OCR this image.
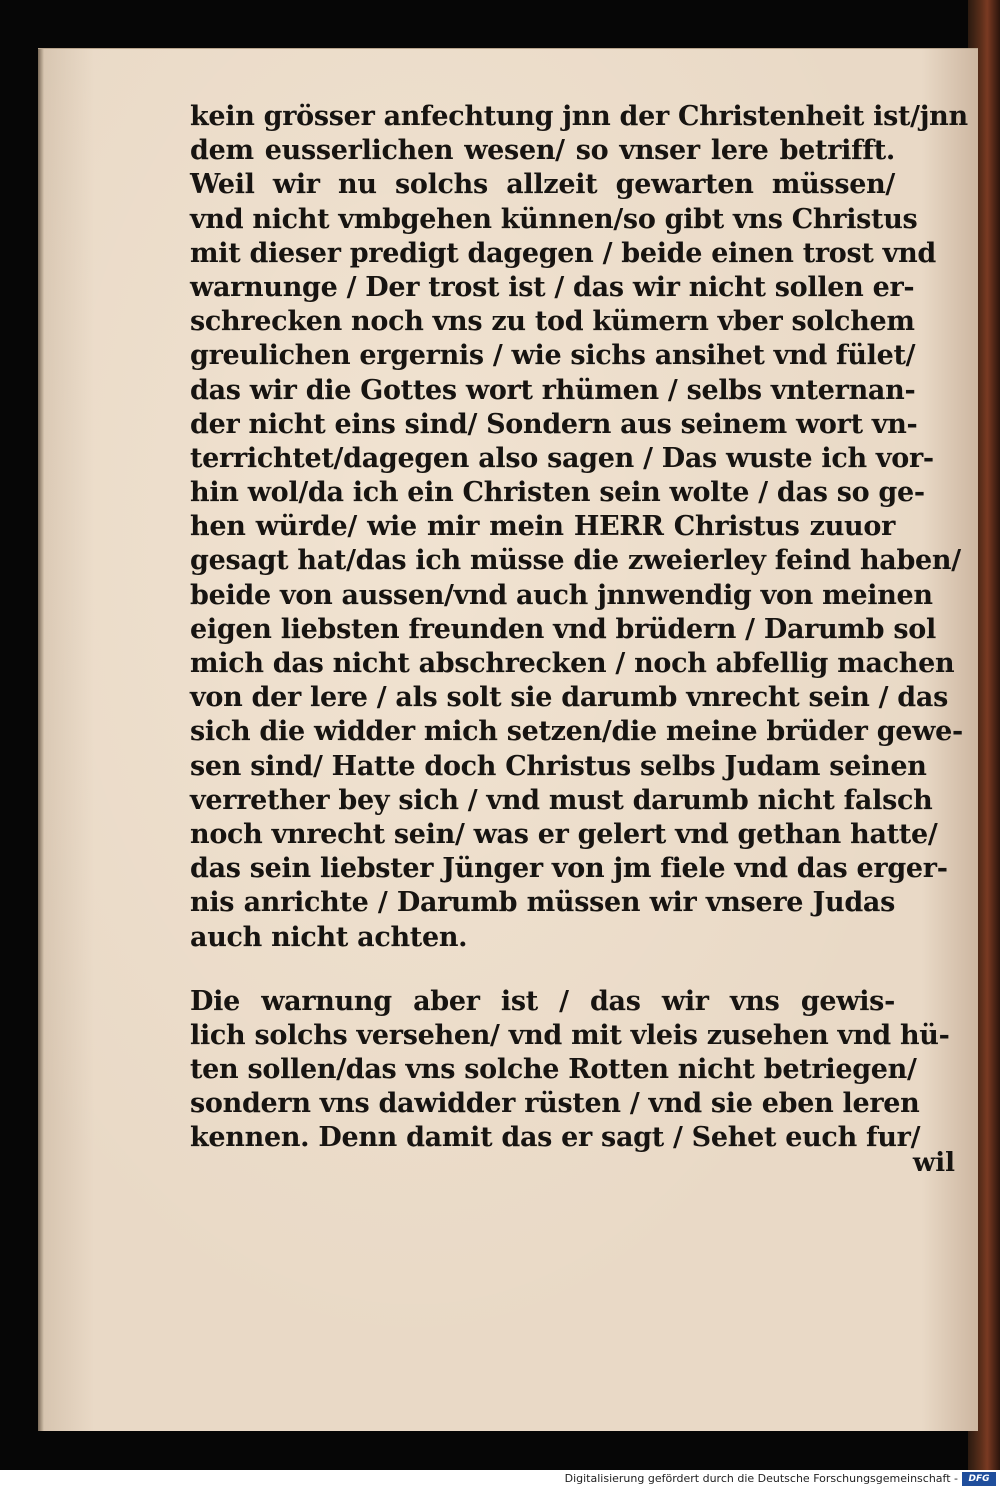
kein grösser anfechtung jnn der Christenheit ist/jnn
dem eusserlichen wesen/ so vnser lere betrifft.
Weil wir nu solchs allzeit gewarten müssen/
vnd nicht vmbgehen künnen/so gibt vns Christus
mit dieser predigt dagegen / beide einen trost vnd
warnunge / Der trost ist / das wir nicht sollen er-
schrecken noch vns zu tod kümern vber solchem
greulichen ergernis / wie sichs ansihet vnd fület/
das wir die Gottes wort rhümen / selbs vnternan-
der nicht eins sind/ Sondern aus seinem wort vn-
terrichtet/dagegen also sagen / Das wuste ich vor-
hin wol/da ich ein Christen sein wolte / das so ge-
hen würde/ wie mir mein HERR Christus zuuor
gesagt hat/das ich müsse die zweierley feind haben/
beide von aussen/vnd auch jnnwendig von meinen
eigen liebsten freunden vnd brüdern / Darumb sol
mich das nicht abschrecken / noch abfellig machen
von der lere / als solt sie darumb vnrecht sein / das
sich die widder mich setzen/die meine brüder gewe-
sen sind/ Hatte doch Christus selbs Judam seinen
verrether bey sich / vnd must darumb nicht falsch
noch vnrecht sein/ was er gelert vnd gethan hatte/
das sein liebster Jünger von jm fiele vnd das erger-
nis anrichte / Darumb müssen wir vnsere Judas
auch nicht achten.
Die warnung aber ist / das wir vns gewis-
lich solchs versehen/ vnd mit vleis zusehen vnd hü-
ten sollen/das vns solche Rotten nicht betriegen/
sondern vns dawidder rüsten / vnd sie eben leren
kennen. Denn damit das er sagt / Sehet euch fur/
wil
Digitalisierung gefördert durch die Deutsche Forschungsgemeinschaft -	DFG
